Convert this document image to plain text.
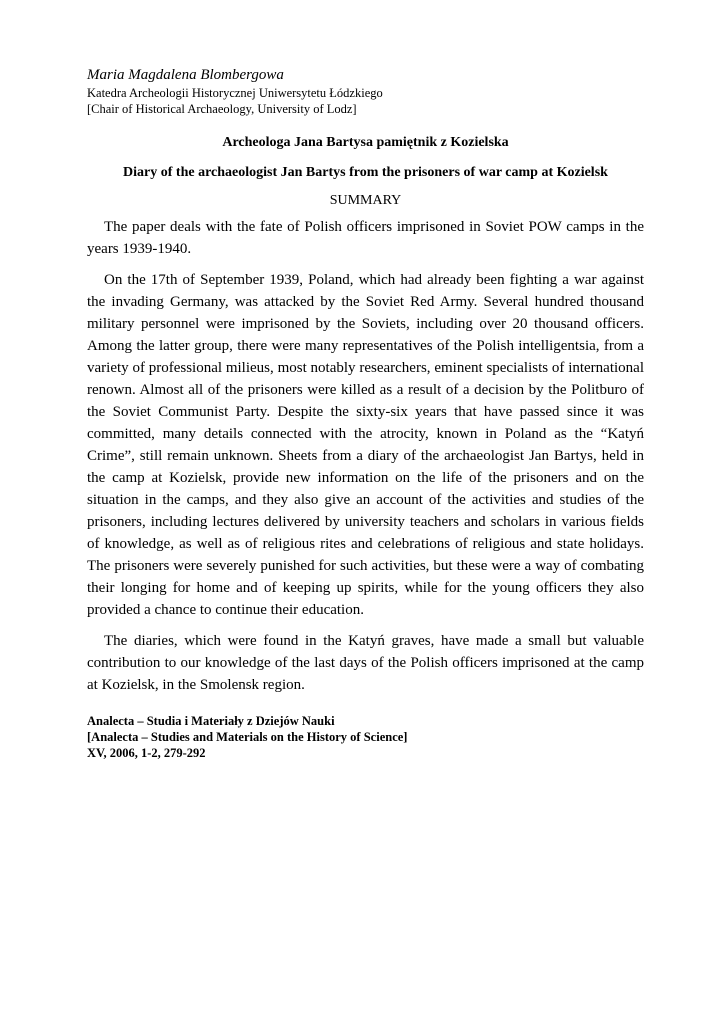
Maria Magdalena Blombergowa

Katedra Archeologii Historycznej Uniwersytetu Łódzkiego

[Chair of Historical Archaeology, University of Lodz]

Archeologa Jana Bartysa pamiętnik z Kozielska

Diary of the archaeologist Jan Bartys from the prisoners of war camp at Kozielsk

SUMMARY

The paper deals with the fate of Polish officers imprisoned in Soviet POW camps in the years 1939-1940.

On the 17th of September 1939, Poland, which had already been fighting a war against the invading Germany, was attacked by the Soviet Red Army. Several hundred thousand military personnel were imprisoned by the Soviets, including over 20 thousand officers. Among the latter group, there were many representatives of the Polish intelligentsia, from a variety of professional milieus, most notably researchers, eminent specialists of international renown. Almost all of the prisoners were killed as a result of a decision by the Politburo of the Soviet Communist Party. Despite the sixty-six years that have passed since it was committed, many details connected with the atrocity, known in Poland as the “Katyń Crime”, still remain unknown. Sheets from a diary of the archaeologist Jan Bartys, held in the camp at Kozielsk, provide new information on the life of the prisoners and on the situation in the camps, and they also give an account of the activities and studies of the prisoners, including lectures delivered by university teachers and scholars in various fields of knowledge, as well as of religious rites and celebrations of religious and state holidays. The prisoners were severely punished for such activities, but these were a way of combating their longing for home and of keeping up spirits, while for the young officers they also provided a chance to continue their education.

The diaries, which were found in the Katyń graves, have made a small but valuable contribution to our knowledge of the last days of the Polish officers imprisoned at the camp at Kozielsk, in the Smolensk region.

Analecta – Studia i Materiały z Dziejów Nauki

[Analecta – Studies and Materials on the History of Science]

XV, 2006, 1-2, 279-292
